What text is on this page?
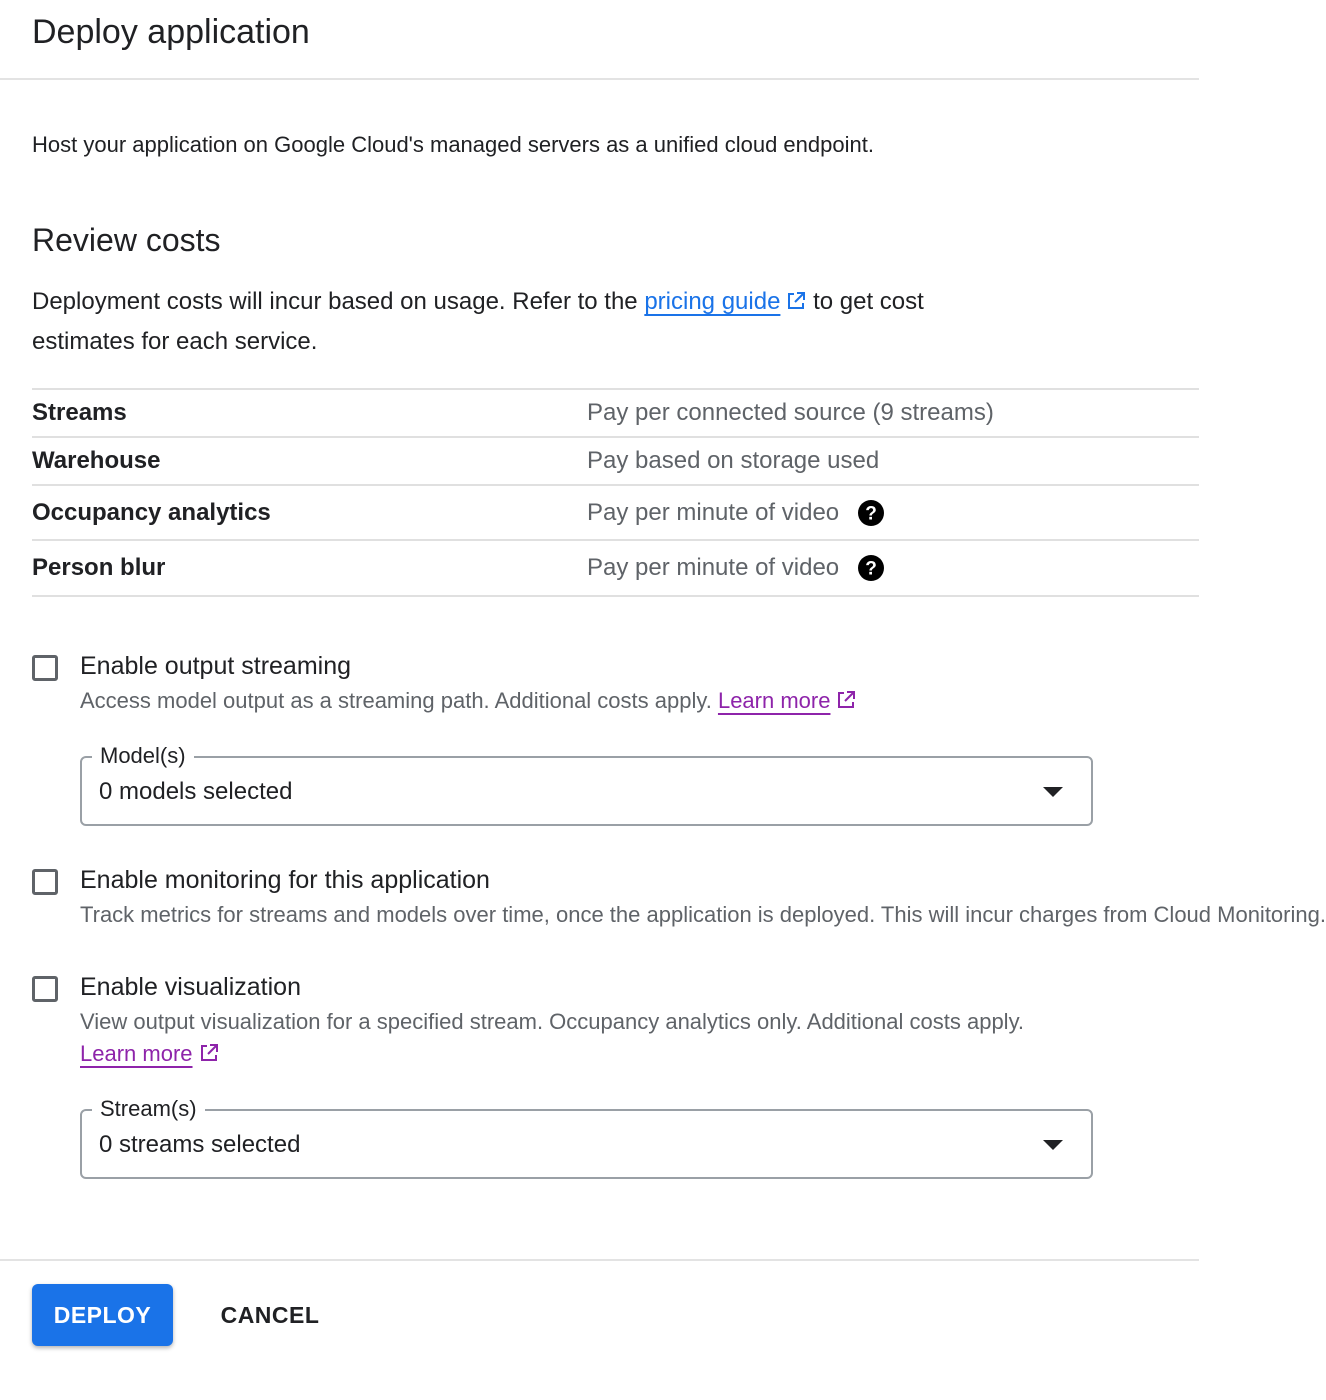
Deploy application
Host your application on Google Cloud's managed servers as a unified cloud endpoint.
Review costs
Deployment costs will incur based on usage. Refer to the pricing guide to get cost estimates for each service.
Streams	Pay per connected source (9 streams)
Warehouse	Pay based on storage used
Occupancy analytics	Pay per minute of video ?
Person blur	Pay per minute of video ?
Enable output streaming
Access model output as a streaming path. Additional costs apply. Learn more
Model(s)
0 models selected
Enable monitoring for this application
Track metrics for streams and models over time, once the application is deployed. This will incur charges from Cloud Monitoring.
Enable visualization
View output visualization for a specified stream. Occupancy analytics only. Additional costs apply. Learn more
Stream(s)
0 streams selected
DEPLOY	CANCEL
